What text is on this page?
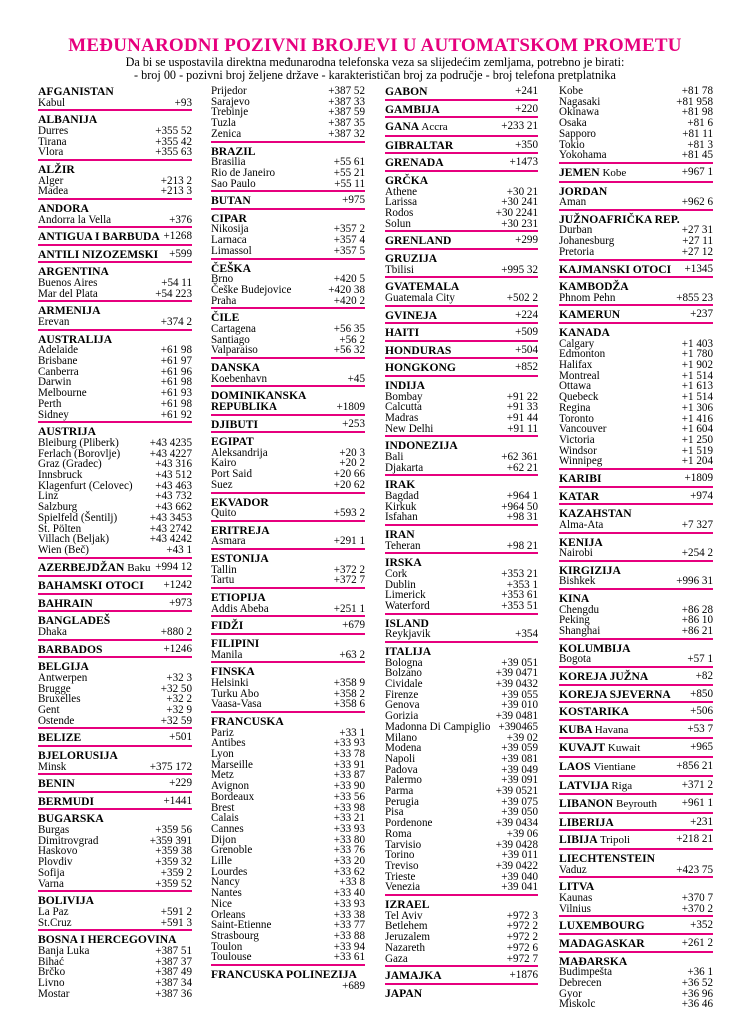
MEĐUNARODNI POZIVNI BROJEVI U AUTOMATSKOM PROMETU
Da bi se uspostavila direktna međunarodna telefonska veza sa slijedećim zemljama, potrebno je birati:
- broj 00 - pozivni broj željene države - karakterističan broj za područje - broj telefona pretplatnika
AFGANISTAN
Kabul	+93
ALBANIJA
Durres	+355 52
Tirana	+355 42
Vlora	+355 63
ALŽIR
Alger	+213 2
Madea	+213 3
ANDORA
Andorra la Vella	+376
ANTIGUA I BARBUDA +1268
ANTILI NIZOZEMSKI +599
ARGENTINA
Buenos Aires	+54 11
Mar del Plata	+54 223
ARMENIJA
Erevan	+374 2
AUSTRALIJA
Adelaide	+61 98
Brisbane	+61 97
Canberra	+61 96
Darwin	+61 98
Melbourne	+61 93
Perth	+61 98
Sidney	+61 92
AUSTRIJA
Bleiburg (Pliberk)	+43 4235
Ferlach (Borovlje)	+43 4227
Graz (Gradec)	+43 316
Innsbruck	+43 512
Klagenfurt (Celovec) +43 463
Linz	+43 732
Salzburg	+43 662
Spielfeld (Šentilj)	+43 3453
St. Pölten	+43 2742
Villach (Beljak)	+43 4242
Wien (Beč)	+43 1
AZERBEJDŽAN Baku +994 12
BAHAMSKI OTOCI +1242
BAHRAIN	+973
BANGLADEŠ
Dhaka	+880 2
BARBADOS	+1246
BELGIJA
Antwerpen	+32 3
Brugge	+32 50
Bruxelles	+32 2
Gent	+32 9
Ostende	+32 59
BELIZE	+501
BJELORUSIJA
Minsk	+375 172
BENIN	+229
BERMUDI	+1441
BUGARSKA
Burgas	+359 56
Dimitrovgrad	+359 391
Haskovo	+359 38
Plovdiv	+359 32
Sofija	+359 2
Varna	+359 52
BOLIVIJA
La Paz	+591 2
St.Cruz	+591 3
BOSNA I HERCEGOVINA
Banja Luka	+387 51
Bihać	+387 37
Brčko	+387 49
Livno	+387 34
Mostar	+387 36
Prijedor	+387 52
Sarajevo	+387 33
Trebinje	+387 59
Tuzla	+387 35
Zenica	+387 32
BRAZIL
Brasilia	+55 61
Rio de Janeiro	+55 21
Sao Paulo	+55 11
BUTAN	+975
CIPAR
Nikosija	+357 2
Larnaca	+357 4
Limassol	+357 5
ČEŠKA
Brno	+420 5
Češke Budejovice	+420 38
Praha	+420 2
ČILE
Cartagena	+56 35
Santiago	+56 2
Valparaiso	+56 32
DANSKA
Koebenhavn	+45
DOMINIKANSKA
REPUBLIKA	+1809
DJIBUTI	+253
EGIPAT
Aleksandrija	+20 3
Kairo	+20 2
Port Said	+20 66
Suez	+20 62
EKVADOR
Quito	+593 2
ERITREJA
Asmara	+291 1
ESTONIJA
Tallin	+372 2
Tartu	+372 7
ETIOPIJA
Addis Abeba	+251 1
FIDŽI	+679
FILIPINI
Manila	+63 2
FINSKA
Helsinki	+358 9
Turku Abo	+358 2
Vaasa-Vasa	+358 6
FRANCUSKA
Pariz	+33 1
Antibes	+33 93
Lyon	+33 78
Marseille	+33 91
Metz	+33 87
Avignon	+33 90
Bordeaux	+33 56
Brest	+33 98
Calais	+33 21
Cannes	+33 93
Dijon	+33 80
Grenoble	+33 76
Lille	+33 20
Lourdes	+33 62
Nancy	+33 8
Nantes	+33 40
Nice	+33 93
Orleans	+33 38
Saint-Etienne	+33 77
Strasbourg	+33 88
Toulon	+33 94
Toulouse	+33 61
FRANCUSKA POLINEZIJA
+689
GABON	+241
GAMBIJA	+220
GANA Accra	+233 21
GIBRALTAR	+350
GRENADA	+1473
GRČKA
Athene	+30 21
Larissa	+30 241
Rodos	+30 2241
Solun	+30 231
GRENLAND	+299
GRUZIJA
Tbilisi	+995 32
GVATEMALA
Guatemala City	+502 2
GVINEJA	+224
HAITI	+509
HONDURAS	+504
HONGKONG	+852
INDIJA
Bombay	+91 22
Calcutta	+91 33
Madras	+91 44
New Delhi	+91 11
INDONEZIJA
Bali	+62 361
Djakarta	+62 21
IRAK
Bagdad	+964 1
Kirkuk	+964 50
Isfahan	+98 31
IRAN
Teheran	+98 21
IRSKA
Cork	+353 21
Dublin	+353 1
Limerick	+353 61
Waterford	+353 51
ISLAND
Reykjavik	+354
ITALIJA
Bologna	+39 051
Bolzano	+39 0471
Cividale	+39 0432
Firenze	+39 055
Genova	+39 010
Gorizia	+39 0481
Madonna Di Campiglio +390465
Milano	+39 02
Modena	+39 059
Napoli	+39 081
Padova	+39 049
Palermo	+39 091
Parma	+39 0521
Perugia	+39 075
Pisa	+39 050
Pordenone	+39 0434
Roma	+39 06
Tarvisio	+39 0428
Torino	+39 011
Treviso	+39 0422
Trieste	+39 040
Venezia	+39 041
IZRAEL
Tel Aviv	+972 3
Betlehem	+972 2
Jeruzalem	+972 2
Nazareth	+972 6
Gaza	+972 7
JAMAJKA	+1876
JAPAN
Kobe	+81 78
Nagasaki	+81 958
Okinawa	+81 98
Osaka	+81 6
Sapporo	+81 11
Tokio	+81 3
Yokohama	+81 45
JEMEN Kobe	+967 1
JORDAN
Aman	+962 6
JUŽNOAFRIČKA REP.
Durban	+27 31
Johanesburg	+27 11
Pretoria	+27 12
KAJMANSKI OTOCI +1345
KAMBODŽA
Phnom Pehn	+855 23
KAMERUN	+237
KANADA
Calgary	+1 403
Edmonton	+1 780
Halifax	+1 902
Montreal	+1 514
Ottawa	+1 613
Quebeck	+1 514
Regina	+1 306
Toronto	+1 416
Vancouver	+1 604
Victoria	+1 250
Windsor	+1 519
Winnipeg	+1 204
KARIBI	+1809
KATAR	+974
KAZAHSTAN
Alma-Ata	+7 327
KENIJA
Nairobi	+254 2
KIRGIZIJA
Bishkek	+996 31
KINA
Chengdu	+86 28
Peking	+86 10
Shanghai	+86 21
KOLUMBIJA
Bogota	+57 1
KOREJA JUŽNA	+82
KOREJA SJEVERNA +850
KOSTARIKA	+506
KUBA Havana	+53 7
KUVAJT Kuwait	+965
LAOS Vientiane	+856 21
LATVIJA Riga	+371 2
LIBANON Beyrouth +961 1
LIBERIJA	+231
LIBIJA Tripoli	+218 21
LIECHTENSTEIN
Vaduz	+423 75
LITVA
Kaunas	+370 7
Vilnius	+370 2
LUXEMBOURG	+352
MADAGASKAR	+261 2
MAĐARSKA
Budimpešta	+36 1
Debrecen	+36 52
Gyor	+36 96
Miskolc	+36 46
